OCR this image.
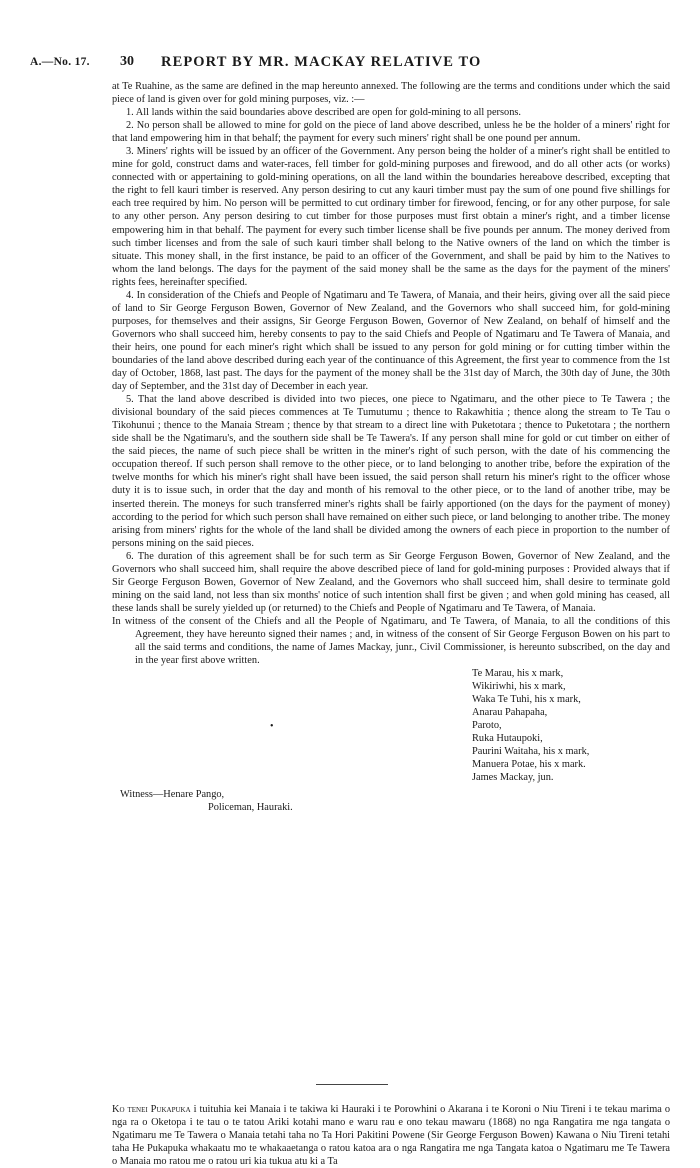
A.—No. 17. 30 REPORT BY MR. MACKAY RELATIVE TO

at Te Ruahine, as the same are defined in the map hereunto annexed. The following are the terms and conditions under which the said piece of land is given over for gold mining purposes, viz. :—

1. All lands within the said boundaries above described are open for gold-mining to all persons.

2. No person shall be allowed to mine for gold on the piece of land above described, unless he be the holder of a miners' right for that land empowering him in that behalf; the payment for every such miners' right shall be one pound per annum.

3. Miners' rights will be issued by an officer of the Government. Any person being the holder of a miner's right shall be entitled to mine for gold, construct dams and water-races, fell timber for gold-mining purposes and firewood, and do all other acts (or works) connected with or appertaining to gold-mining operations, on all the land within the boundaries hereabove described, excepting that the right to fell kauri timber is reserved. Any person desiring to cut any kauri timber must pay the sum of one pound five shillings for each tree required by him. No person will be permitted to cut ordinary timber for firewood, fencing, or for any other purpose, for sale to any other person. Any person desiring to cut timber for those purposes must first obtain a miner's right, and a timber license empowering him in that behalf. The payment for every such timber license shall be five pounds per annum. The money derived from such timber licenses and from the sale of such kauri timber shall belong to the Native owners of the land on which the timber is situate. This money shall, in the first instance, be paid to an officer of the Government, and shall be paid by him to the Natives to whom the land belongs. The days for the payment of the said money shall be the same as the days for the payment of the miners' rights fees, hereinafter specified.

4. In consideration of the Chiefs and People of Ngatimaru and Te Tawera, of Manaia, and their heirs, giving over all the said piece of land to Sir George Ferguson Bowen, Governor of New Zealand, and the Governors who shall succeed him, for gold-mining purposes, for themselves and their assigns, Sir George Ferguson Bowen, Governor of New Zealand, on behalf of himself and the Governors who shall succeed him, hereby consents to pay to the said Chiefs and People of Ngatimaru and Te Tawera of Manaia, and their heirs, one pound for each miner's right which shall be issued to any person for gold mining or for cutting timber within the boundaries of the land above described during each year of the continuance of this Agreement, the first year to commence from the 1st day of October, 1868, last past. The days for the payment of the money shall be the 31st day of March, the 30th day of June, the 30th day of September, and the 31st day of December in each year.

5. That the land above described is divided into two pieces, one piece to Ngatimaru, and the other piece to Te Tawera ; the divisional boundary of the said pieces commences at Te Tumutumu ; thence to Rakawhitia ; thence along the stream to Te Tau o Tikohunui ; thence to the Manaia Stream ; thence by that stream to a direct line with Puketotara ; thence to Puketotara ; the northern side shall be the Ngatimaru's, and the southern side shall be Te Tawera's. If any person shall mine for gold or cut timber on either of the said pieces, the name of such piece shall be written in the miner's right of such person, with the date of his commencing the occupation thereof. If such person shall remove to the other piece, or to land belonging to another tribe, before the expiration of the twelve months for which his miner's right shall have been issued, the said person shall return his miner's right to the officer whose duty it is to issue such, in order that the day and month of his removal to the other piece, or to the land of another tribe, may be inserted therein. The moneys for such transferred miner's rights shall be fairly apportioned (on the days for the payment of money) according to the period for which such person shall have remained on either such piece, or land belonging to another tribe. The money arising from miners' rights for the whole of the land shall be divided among the owners of each piece in proportion to the number of persons mining on the said pieces.

6. The duration of this agreement shall be for such term as Sir George Ferguson Bowen, Governor of New Zealand, and the Governors who shall succeed him, shall require the above described piece of land for gold-mining purposes : Provided always that if Sir George Ferguson Bowen, Governor of New Zealand, and the Governors who shall succeed him, shall desire to terminate gold mining on the said land, not less than six months' notice of such intention shall first be given ; and when gold mining has ceased, all these lands shall be surely yielded up (or returned) to the Chiefs and People of Ngatimaru and Te Tawera, of Manaia.

In witness of the consent of the Chiefs and all the People of Ngatimaru, and Te Tawera, of Manaia, to all the conditions of this Agreement, they have hereunto signed their names ; and, in witness of the consent of Sir George Ferguson Bowen on his part to all the said terms and conditions, the name of James Mackay, junr., Civil Commissioner, is hereunto subscribed, on the day and in the year first above written.

Te Marau, his x mark,
Wikiriwhi, his x mark,
Waka Te Tuhi, his x mark,
Anarau Pahapaha,
Paroto,
Ruka Hutaupoki,
Paurini Waitaha, his x mark,
Manuera Potae, his x mark.
James Mackay, jun.
•
Witness—Henare Pango,
Policeman, Hauraki.
Ko tenei Pukapuka i tuituhia kei Manaia i te takiwa ki Hauraki i te Porowhini o Akarana i te Koroni o Niu Tireni i te tekau marima o nga ra o Oketopa i te tau o te tatou Ariki kotahi mano e waru rau e ono tekau mawaru (1868) no nga Rangatira me nga tangata o Ngatimaru me Te Tawera o Manaia tetahi taha no Ta Hori Pakitini Powene (Sir George Ferguson Bowen) Kawana o Niu Tireni tetahi taha He Pukapuka whakaatu mo te whakaaetanga o ratou katoa ara o nga Rangatira me nga Tangata katoa o Ngatimaru me Te Tawera o Manaia mo ratou me o ratou uri kia tukua atu ki a Ta
